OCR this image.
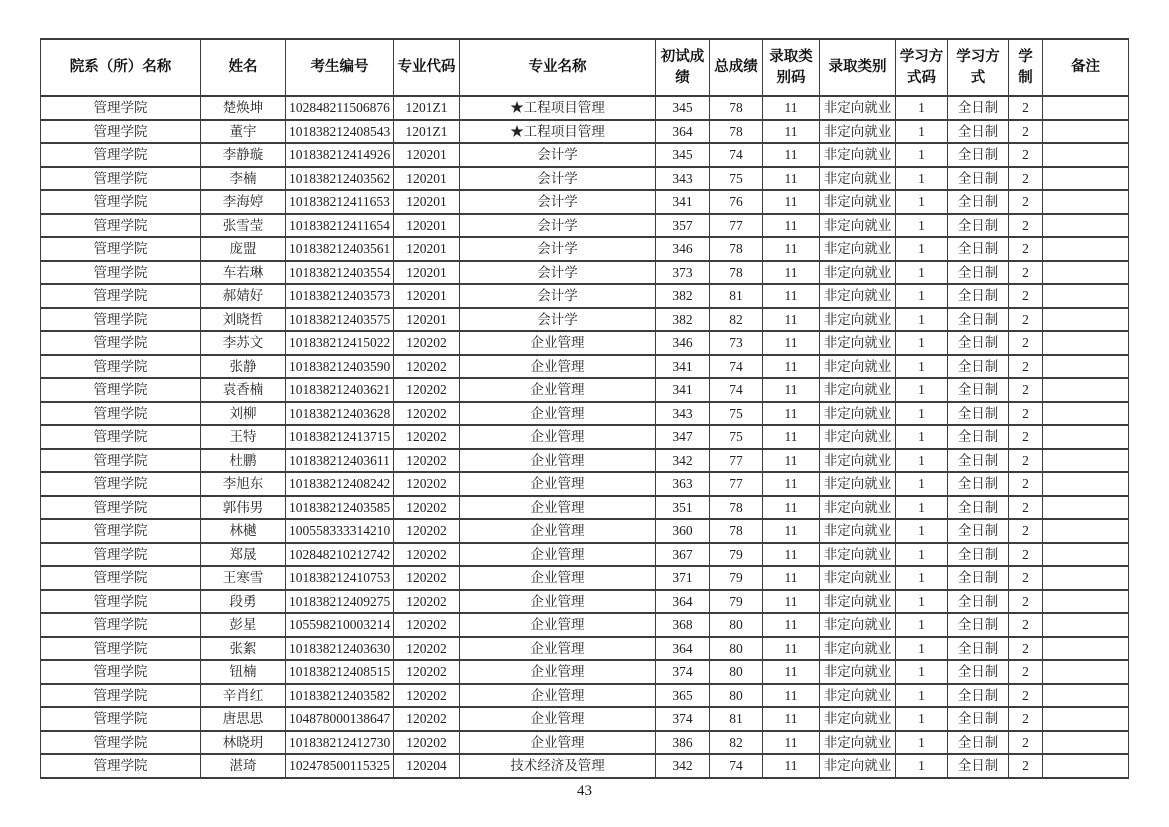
院系（所）名称	姓名	考生编号	专业代码	专业名称	初试成绩	总成绩	录取类别码	录取类别	学习方式码	学习方式	学制	备注
管理学院	楚焕坤	102848211506876	1201Z1	★工程项目管理	345	78	11	非定向就业	1	全日制	2	
管理学院	董宇	101838212408543	1201Z1	★工程项目管理	364	78	11	非定向就业	1	全日制	2	
管理学院	李静璇	101838212414926	120201	会计学	345	74	11	非定向就业	1	全日制	2	
管理学院	李楠	101838212403562	120201	会计学	343	75	11	非定向就业	1	全日制	2	
管理学院	李海婷	101838212411653	120201	会计学	341	76	11	非定向就业	1	全日制	2	
管理学院	张雪莹	101838212411654	120201	会计学	357	77	11	非定向就业	1	全日制	2	
管理学院	庞盟	101838212403561	120201	会计学	346	78	11	非定向就业	1	全日制	2	
管理学院	车若琳	101838212403554	120201	会计学	373	78	11	非定向就业	1	全日制	2	
管理学院	郝婧好	101838212403573	120201	会计学	382	81	11	非定向就业	1	全日制	2	
管理学院	刘晓哲	101838212403575	120201	会计学	382	82	11	非定向就业	1	全日制	2	
管理学院	李苏文	101838212415022	120202	企业管理	346	73	11	非定向就业	1	全日制	2	
管理学院	张静	101838212403590	120202	企业管理	341	74	11	非定向就业	1	全日制	2	
管理学院	袁香楠	101838212403621	120202	企业管理	341	74	11	非定向就业	1	全日制	2	
管理学院	刘柳	101838212403628	120202	企业管理	343	75	11	非定向就业	1	全日制	2	
管理学院	王特	101838212413715	120202	企业管理	347	75	11	非定向就业	1	全日制	2	
管理学院	杜鹏	101838212403611	120202	企业管理	342	77	11	非定向就业	1	全日制	2	
管理学院	李旭东	101838212408242	120202	企业管理	363	77	11	非定向就业	1	全日制	2	
管理学院	郭伟男	101838212403585	120202	企业管理	351	78	11	非定向就业	1	全日制	2	
管理学院	林樾	100558333314210	120202	企业管理	360	78	11	非定向就业	1	全日制	2	
管理学院	郑晟	102848210212742	120202	企业管理	367	79	11	非定向就业	1	全日制	2	
管理学院	王寒雪	101838212410753	120202	企业管理	371	79	11	非定向就业	1	全日制	2	
管理学院	段勇	101838212409275	120202	企业管理	364	79	11	非定向就业	1	全日制	2	
管理学院	彭星	105598210003214	120202	企业管理	368	80	11	非定向就业	1	全日制	2	
管理学院	张絮	101838212403630	120202	企业管理	364	80	11	非定向就业	1	全日制	2	
管理学院	钮楠	101838212408515	120202	企业管理	374	80	11	非定向就业	1	全日制	2	
管理学院	辛肖红	101838212403582	120202	企业管理	365	80	11	非定向就业	1	全日制	2	
管理学院	唐思思	104878000138647	120202	企业管理	374	81	11	非定向就业	1	全日制	2	
管理学院	林晓玥	101838212412730	120202	企业管理	386	82	11	非定向就业	1	全日制	2	
管理学院	湛琦	102478500115325	120204	技术经济及管理	342	74	11	非定向就业	1	全日制	2	
43
